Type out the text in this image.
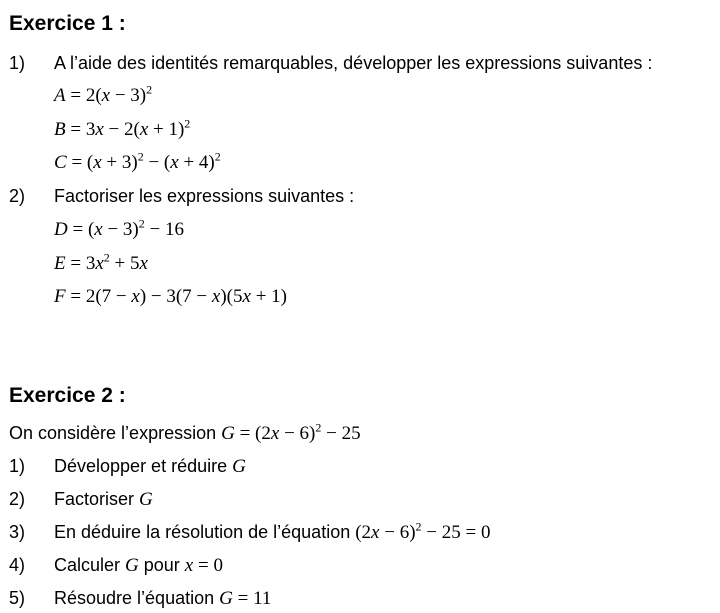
Exercice 1 :
1)	A l’aide des identités remarquables, développer les expressions suivantes :
$A = 2(x - 3)^2$
$B = 3x - 2(x + 1)^2$
$C = (x + 3)^2 - (x + 4)^2$
2)	Factoriser les expressions suivantes :
$D = (x - 3)^2 - 16$
$E = 3x^2 + 5x$
F = 2(7 − x) − 3(7 − x)(5x + 1)
Exercice 2 :
On considère l’expression $G = (2x - 6)^2 - 25$
1)	Développer et réduire G
2)	Factoriser G
3)	En déduire la résolution de l’équation $(2x - 6)^2 - 25 = 0$
4)	Calculer G pour x = 0
5)	Résoudre l’équation G = 11
